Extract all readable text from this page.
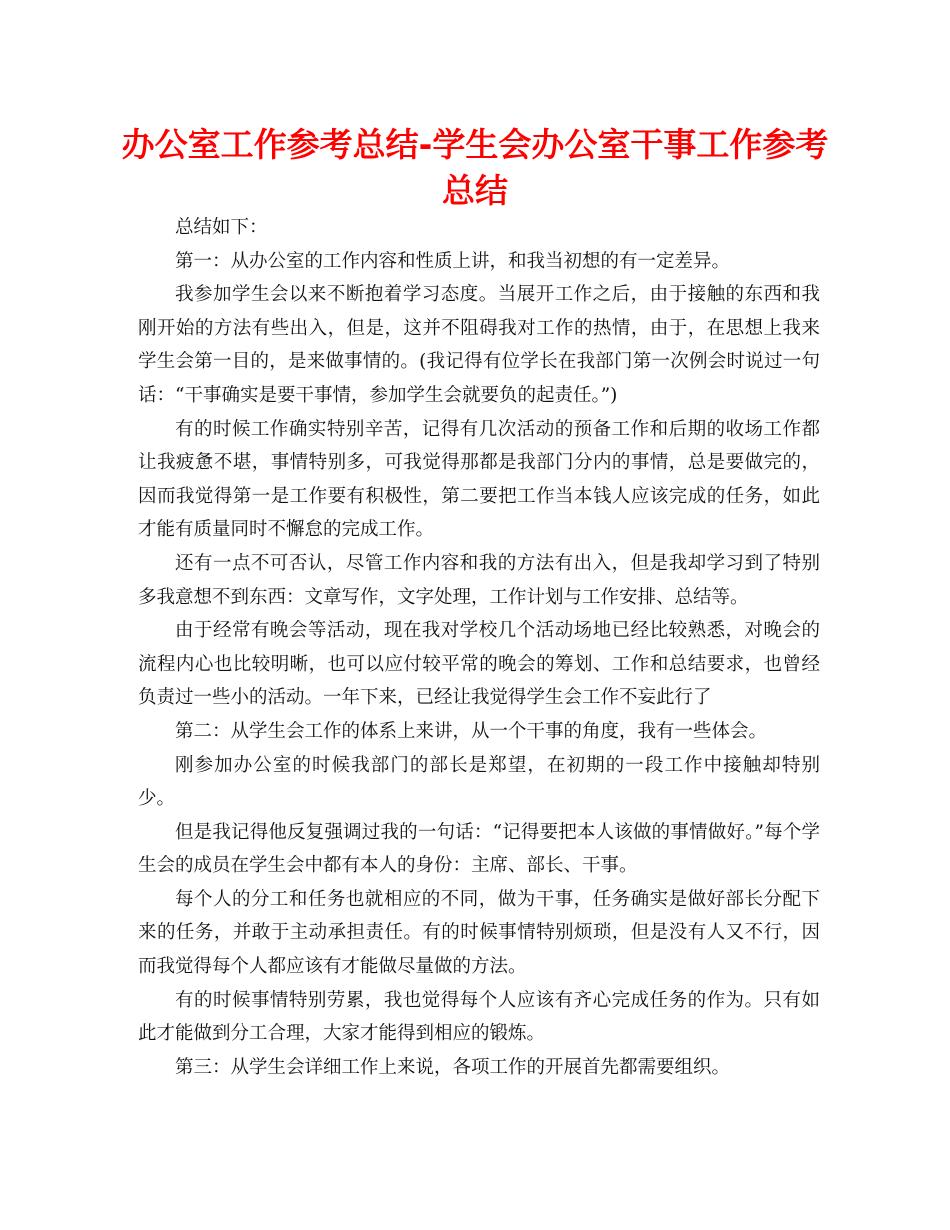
办公室工作参考总结-学生会办公室干事工作参考总结

总结如下：

第一：从办公室的工作内容和性质上讲，和我当初想的有一定差异。

我参加学生会以来不断抱着学习态度。当展开工作之后，由于接触的东西和我刚开始的方法有些出入，但是，这并不阻碍我对工作的热情，由于，在思想上我来学生会第一目的，是来做事情的。(我记得有位学长在我部门第一次例会时说过一句话：“干事确实是要干事情，参加学生会就要负的起责任。”)

有的时候工作确实特别辛苦，记得有几次活动的预备工作和后期的收场工作都让我疲惫不堪，事情特别多，可我觉得那都是我部门分内的事情，总是要做完的，因而我觉得第一是工作要有积极性，第二要把工作当本钱人应该完成的任务，如此才能有质量同时不懈怠的完成工作。

还有一点不可否认，尽管工作内容和我的方法有出入，但是我却学习到了特别多我意想不到东西：文章写作，文字处理，工作计划与工作安排、总结等。

由于经常有晚会等活动，现在我对学校几个活动场地已经比较熟悉，对晚会的流程内心也比较明晰，也可以应付较平常的晚会的筹划、工作和总结要求，也曾经负责过一些小的活动。一年下来，已经让我觉得学生会工作不妄此行了

第二：从学生会工作的体系上来讲，从一个干事的角度，我有一些体会。

刚参加办公室的时候我部门的部长是郑望，在初期的一段工作中接触却特别少。

但是我记得他反复强调过我的一句话：“记得要把本人该做的事情做好。”每个学生会的成员在学生会中都有本人的身份：主席、部长、干事。

每个人的分工和任务也就相应的不同，做为干事，任务确实是做好部长分配下来的任务，并敢于主动承担责任。有的时候事情特别烦琐，但是没有人又不行，因而我觉得每个人都应该有才能做尽量做的方法。

有的时候事情特别劳累，我也觉得每个人应该有齐心完成任务的作为。只有如此才能做到分工合理，大家才能得到相应的锻炼。

第三：从学生会详细工作上来说，各项工作的开展首先都需要组织。
